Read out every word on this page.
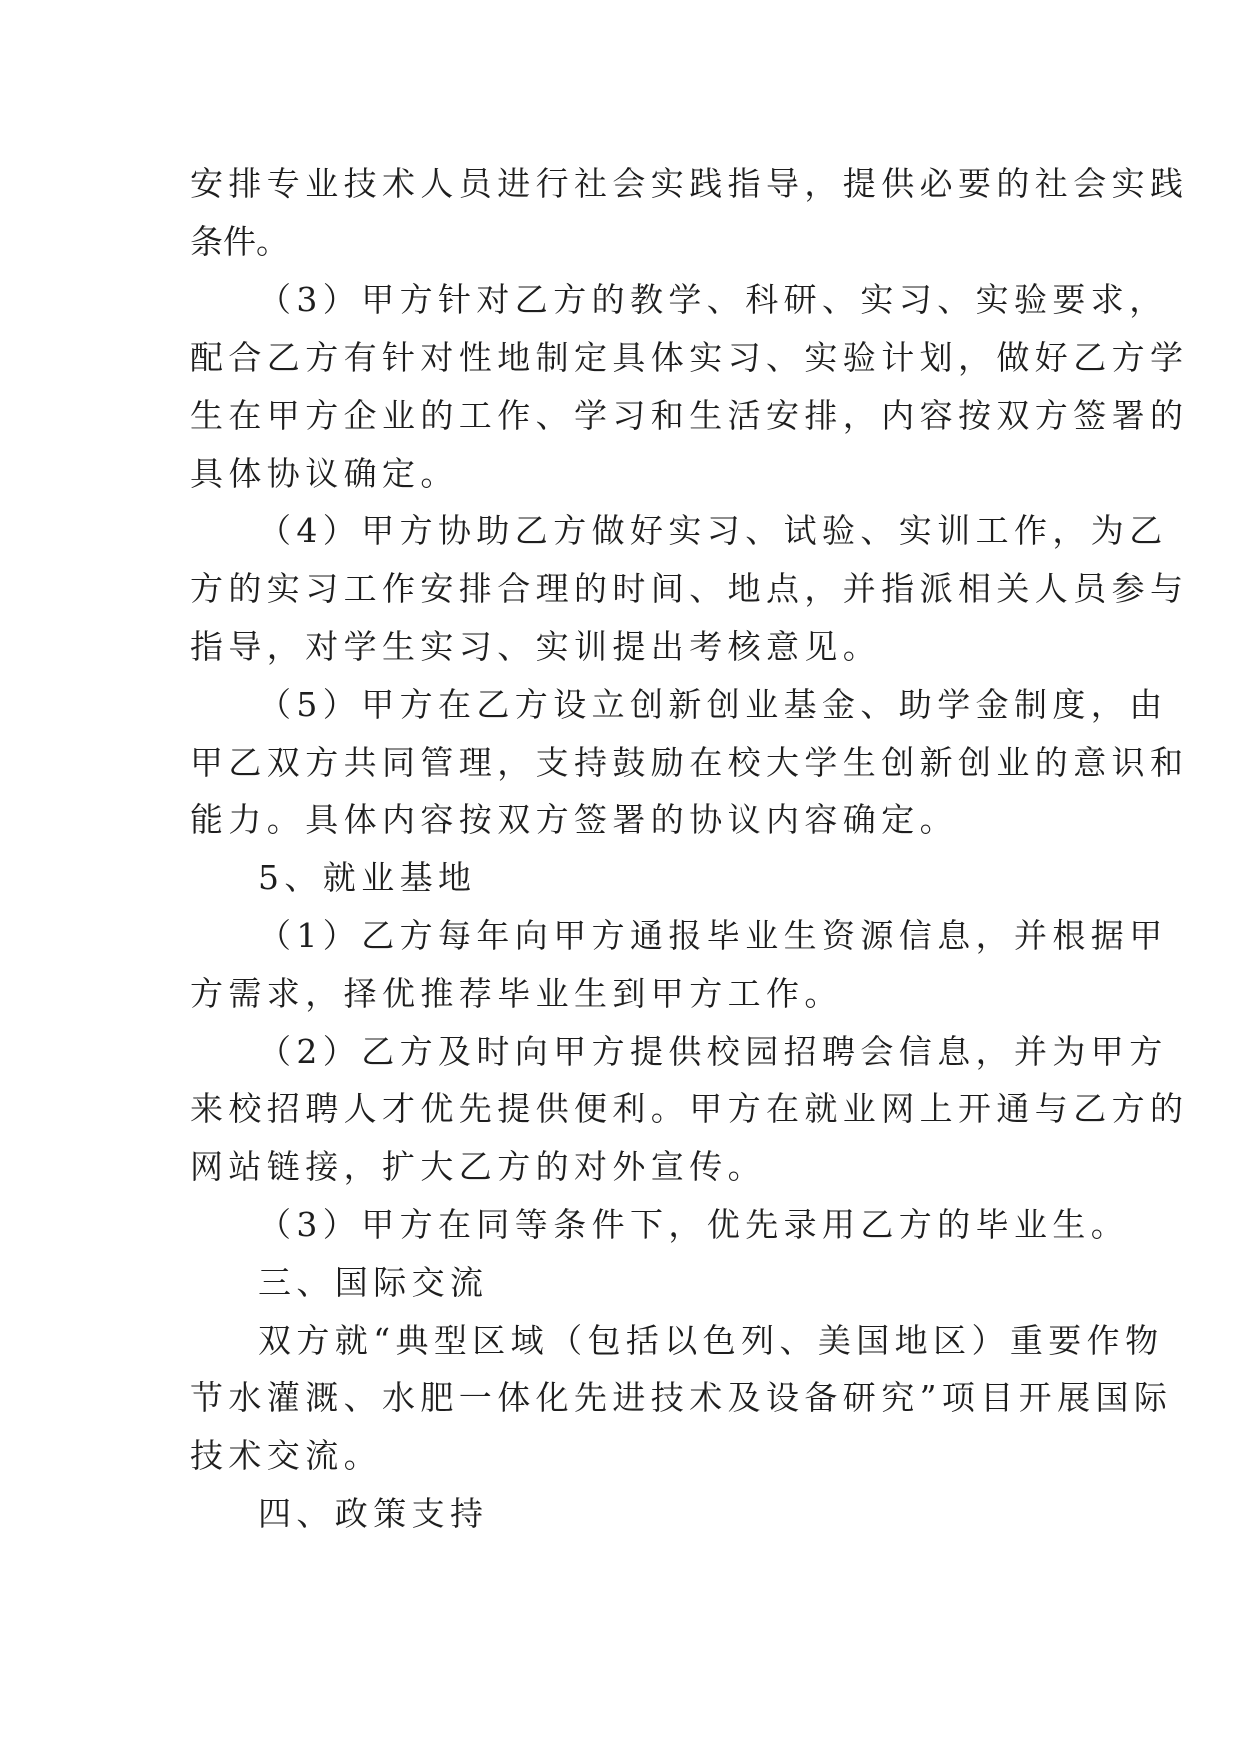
安排专业技术人员进行社会实践指导，提供必要的社会实践

条件。

（3）甲方针对乙方的教学、科研、实习、实验要求，

配合乙方有针对性地制定具体实习、实验计划，做好乙方学

生在甲方企业的工作、学习和生活安排，内容按双方签署的

具体协议确定。

（4）甲方协助乙方做好实习、试验、实训工作，为乙

方的实习工作安排合理的时间、地点，并指派相关人员参与

指导，对学生实习、实训提出考核意见。

（5）甲方在乙方设立创新创业基金、助学金制度，由

甲乙双方共同管理，支持鼓励在校大学生创新创业的意识和

能力。具体内容按双方签署的协议内容确定。

5、就业基地

（1）乙方每年向甲方通报毕业生资源信息，并根据甲

方需求，择优推荐毕业生到甲方工作。

（2）乙方及时向甲方提供校园招聘会信息，并为甲方

来校招聘人才优先提供便利。甲方在就业网上开通与乙方的

网站链接，扩大乙方的对外宣传。

（3）甲方在同等条件下，优先录用乙方的毕业生。

三、国际交流

双方就“典型区域（包括以色列、美国地区）重要作物

节水灌溉、水肥一体化先进技术及设备研究”项目开展国际

技术交流。

四、政策支持
